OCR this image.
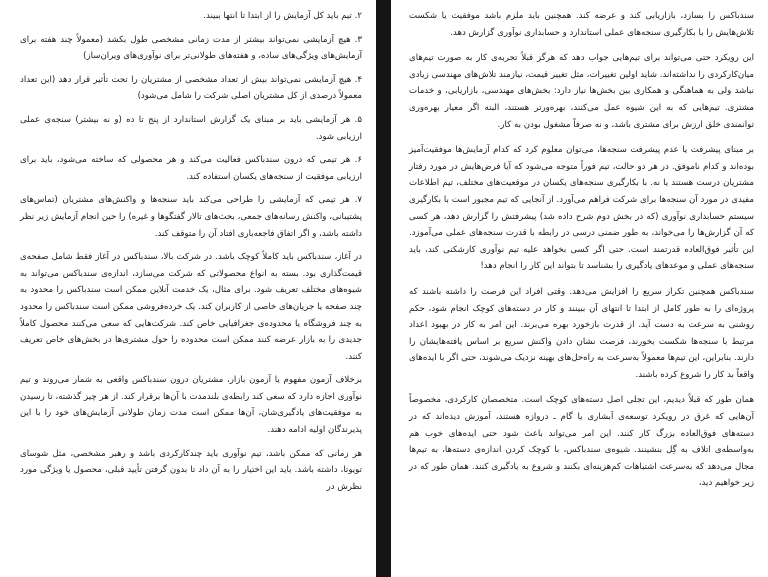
۲. تیم باید کل آزمایش را از ابتدا تا انتها ببیند.

۳. هیچ آزمایشی نمی‌تواند بیشتر از مدت زمانی مشخصی طول بکشد (معمولاً چند هفته برای آزمایش‌های ویژگی‌های ساده، و هفته‌های طولانی‌تر برای نوآوری‌های ویران‌ساز)

۴. هیچ آزمایشی نمی‌تواند بیش از تعداد مشخصی از مشتریان را تحت تأثیر قرار دهد (این تعداد معمولاً درصدی از کل مشتریان اصلی شرکت را شامل می‌شود)

۵. هر آزمایشی باید بر مبنای یک گزارش استاندارد از پنج تا ده (و نه بیشتر) سنجه‌ی عملی ارزیابی شود.

۶. هر تیمی که درون سندباکس فعالیت می‌کند و هر محصولی که ساخته می‌شود، باید برای ارزیابی موفقیت از سنجه‌های یکسان استفاده کند.

۷. هر تیمی که آزمایشی را طراحی می‌کند باید سنجه‌ها و واکنش‌های مشتریان (تماس‌های پشتیبانی، واکنش رسانه‌های جمعی، بحث‌های تالار گفتگوها و غیره) را حین انجام آزمایش زیر نظر داشته باشد، و اگر اتفاق فاجعه‌باری افتاد آن را متوقف کند.

در آغاز، سندباکس باید کاملاً کوچک باشد. در شرکت بالا، سندباکس در آغاز فقط شامل صفحه‌ی قیمت‌گذاری بود. بسته به انواع محصولاتی که شرکت می‌سازد، اندازه‌ی سندباکس می‌تواند به شیوه‌های مختلف تعریف شود. برای مثال، یک خدمت آنلاین ممکن است سندباکس را محدود به چند صفحه یا جریان‌های خاصی از کاربران کند. یک خرده‌فروشی ممکن است سندباکس را محدود به چند فروشگاه یا محدوده‌ی جغرافیایی خاص کند. شرکت‌هایی که سعی می‌کنند محصول کاملاً جدیدی را به بازار عرضه کنند ممکن است محدوده را حول مشتری‌ها در بخش‌های خاص تعریف کنند.

برخلاف آزمون مفهوم یا آزمون بازار، مشتریان درون سندباکس واقعی به شمار می‌روند و تیم نوآوری اجازه دارد که سعی کند رابطه‌ی بلندمدت با آن‌ها برقرار کند. از هر چیز گذشته، تا رسیدن به موفقیت‌های یادگیری‌شان، آن‌ها ممکن است مدت زمان طولانی آزمایش‌های خود را با این پذیرندگان اولیه ادامه دهند.

هر زمانی که ممکن باشد، تیم نوآوری باید چندکارکردی باشد و رهبر مشخصی، مثل شوسای تویوتا، داشته باشد. باید این اختیار را به آن داد تا بدون گرفتن تأیید قبلی، محصول یا ویژگی مورد نظرش در

سندباکس را بسازد، بازاریابی کند و عرضه کند. همچنین باید ملزم باشد موفقیت یا شکست تلاش‌هایش را با بکارگیری سنجه‌های عملی استاندارد و حسابداری نوآوری گزارش دهد.

این رویکرد حتی می‌تواند برای تیم‌هایی جواب دهد که هرگز قبلاً تجربه‌ی کار به صورت تیم‌های میان‌کارکردی را نداشته‌اند. شاید اولین تغییرات، مثل تغییر قیمت، نیازمند تلاش‌های مهندسی زیادی نباشد ولی به هماهنگی و همکاری بین بخش‌ها نیاز دارد: بخش‌های مهندسی، بازاریابی، و خدمات مشتری. تیم‌هایی که به این شیوه عمل می‌کنند، بهره‌ورتر هستند، البته اگر معیار بهره‌وری توانمندی خلق ارزش برای مشتری باشد، و نه صرفاً مشغول بودن به کار.

بر مبنای پیشرفت یا عدم پیشرفت سنجه‌ها، می‌توان معلوم کرد که کدام آزمایش‌ها موفقیت‌آمیز بوده‌اند و کدام ناموفق. در هر دو حالت، تیم فوراً متوجه می‌شود که آیا فرض‌هایش در مورد رفتار مشتریان درست هستند یا نه. با بکارگیری سنجه‌های یکسان در موقعیت‌های مختلف، تیم اطلاعات مفیدی در مورد آن سنجه‌ها برای شرکت فراهم می‌آورد. از آنجایی که تیم مجبور است با بکارگیری سیستم حسابداری نوآوری (که در بخش دوم شرح داده شد) پیشرفتش را گزارش دهد، هر کسی که آن گزارش‌ها را می‌خواند، به طور ضمنی درسی در رابطه با قدرت سنجه‌های عملی می‌آموزد. این تأثیر فوق‌العاده قدرتمند است. حتی اگر کسی بخواهد علیه تیم نوآوری کارشکنی کند، باید سنجه‌های عملی و موعدهای یادگیری را بشناسد تا بتواند این کار را انجام دهد!

سندباکس همچنین تکرار سریع را افزایش می‌دهد. وقتی افراد این فرصت را داشته باشند که پروژه‌ای را به طور کامل از ابتدا تا انتهای آن ببینند و کار در دسته‌های کوچک انجام شود، حکم روشنی به سرعت به دست آید. از قدرت بازخورد بهره می‌برند. این امر به کار در بهبود اعداد مرتبط با سنجه‌ها شکست بخورند، فرصت نشان دادن واکنش سریع بر اساس یافته‌هایشان را دارند. بنابراین، این تیم‌ها معمولاً به‌سرعت به راه‌حل‌های بهینه نزدیک می‌شوند، حتی اگر با ایده‌های واقعاً بد کار را شروع کرده باشند.

همان طور که قبلاً دیدیم، این تجلی اصل دسته‌های کوچک است. متخصصان کارکردی، مخصوصاً آن‌هایی که غرق در رویکرد توسعه‌ی آبشاری یا گام ـ دروازه هستند، آموزش دیده‌اند که در دسته‌های فوق‌العاده بزرگ کار کنند. این امر می‌تواند باعث شود حتی ایده‌های خوب هم به‌واسطه‌ی اتلاف به گِل بنشینند. شیوه‌ی سندباکس، با کوچک کردن اندازه‌ی دسته‌ها، به تیم‌ها مجال می‌دهد که به‌سرعت اشتباهات کم‌هزینه‌ای بکنند و شروع به یادگیری کنند. همان طور که در زیر خواهیم دید،
